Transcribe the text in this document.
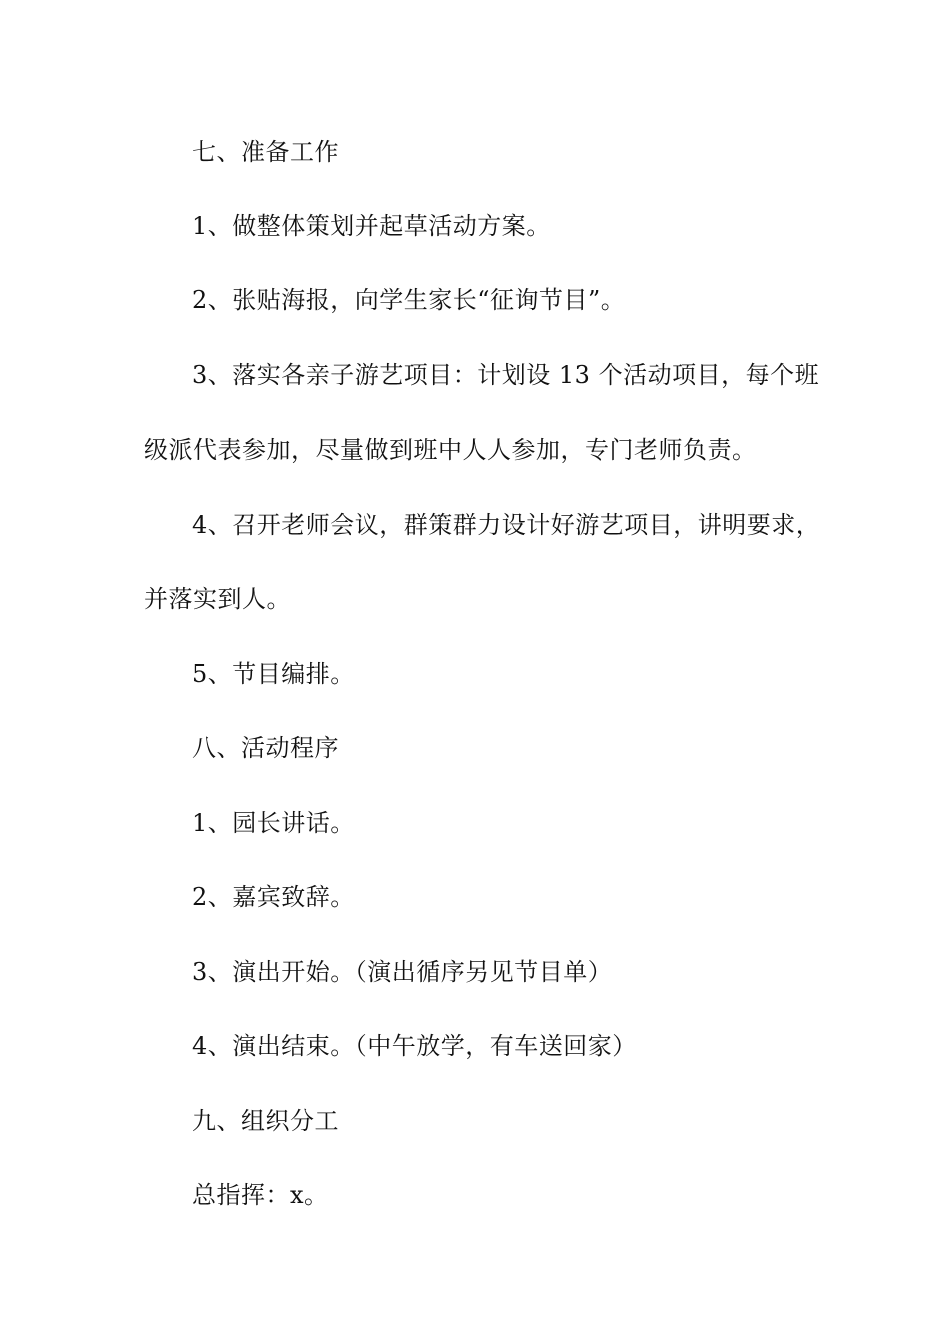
七、准备工作
1、做整体策划并起草活动方案。
2、张贴海报，向学生家长“征询节目”。
3、落实各亲子游艺项目：计划设 13 个活动项目，每个班
级派代表参加，尽量做到班中人人参加，专门老师负责。
4、召开老师会议，群策群力设计好游艺项目，讲明要求，
并落实到人。
5、节目编排。
八、活动程序
1、园长讲话。
2、嘉宾致辞。
3、演出开始。（演出循序另见节目单）
4、演出结束。（中午放学，有车送回家）
九、组织分工
总指挥：x。
